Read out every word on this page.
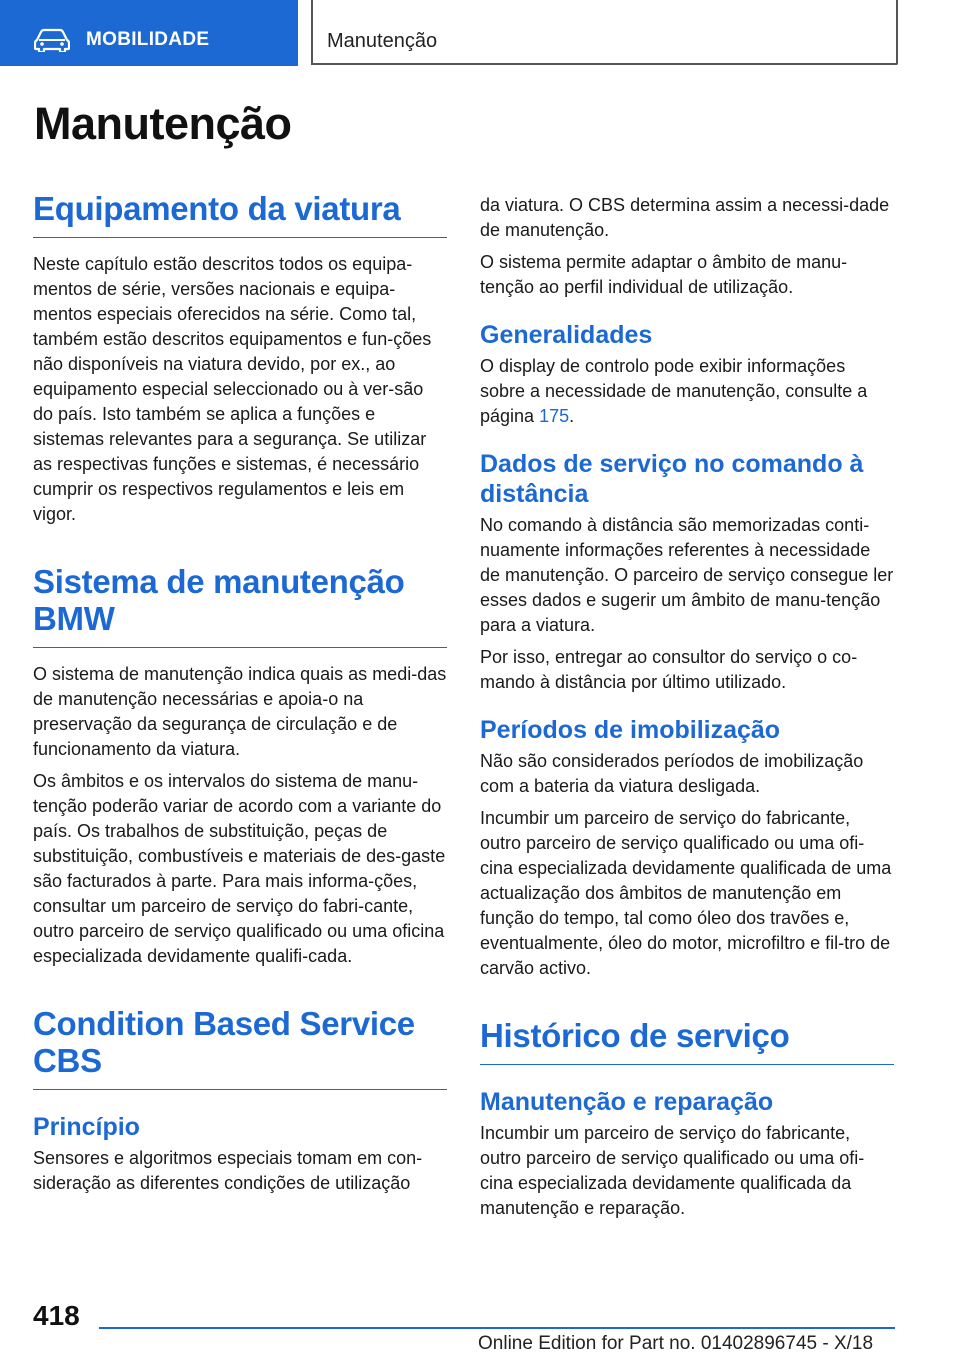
MOBILIDADE	Manutenção
Manutenção
Equipamento da viatura

Neste capítulo estão descritos todos os equipa-mentos de série, versões nacionais e equipa-mentos especiais oferecidos na série. Como tal, também estão descritos equipamentos e fun-ções não disponíveis na viatura devido, por ex., ao equipamento especial seleccionado ou à ver-são do país. Isto também se aplica a funções e sistemas relevantes para a segurança. Se utilizar as respectivas funções e sistemas, é necessário cumprir os respectivos regulamentos e leis em vigor.

Sistema de manutenção BMW

O sistema de manutenção indica quais as medi-das de manutenção necessárias e apoia-o na preservação da segurança de circulação e de funcionamento da viatura.

Os âmbitos e os intervalos do sistema de manu-tenção poderão variar de acordo com a variante do país. Os trabalhos de substituição, peças de substituição, combustíveis e materiais de des-gaste são facturados à parte. Para mais informa-ções, consultar um parceiro de serviço do fabri-cante, outro parceiro de serviço qualificado ou uma oficina especializada devidamente qualifi-cada.

Condition Based Service CBS
Princípio

Sensores e algoritmos especiais tomam em con-sideração as diferentes condições de utilização

da viatura. O CBS determina assim a necessi-dade de manutenção.

O sistema permite adaptar o âmbito de manu-tenção ao perfil individual de utilização.

Generalidades

O display de controlo pode exibir informações sobre a necessidade de manutenção, consulte a página 175.

Dados de serviço no comando à distância

No comando à distância são memorizadas conti-nuamente informações referentes à necessidade de manutenção. O parceiro de serviço consegue ler esses dados e sugerir um âmbito de manu-tenção para a viatura.

Por isso, entregar ao consultor do serviço o co-mando à distância por último utilizado.

Períodos de imobilização

Não são considerados períodos de imobilização com a bateria da viatura desligada.

Incumbir um parceiro de serviço do fabricante, outro parceiro de serviço qualificado ou uma ofi-cina especializada devidamente qualificada de uma actualização dos âmbitos de manutenção em função do tempo, tal como óleo dos travões e, eventualmente, óleo do motor, microfiltro e fil-tro de carvão activo.

Histórico de serviço
Manutenção e reparação

Incumbir um parceiro de serviço do fabricante, outro parceiro de serviço qualificado ou uma ofi-cina especializada devidamente qualificada da manutenção e reparação.

418
Online Edition for Part no. 01402896745 - X/18
